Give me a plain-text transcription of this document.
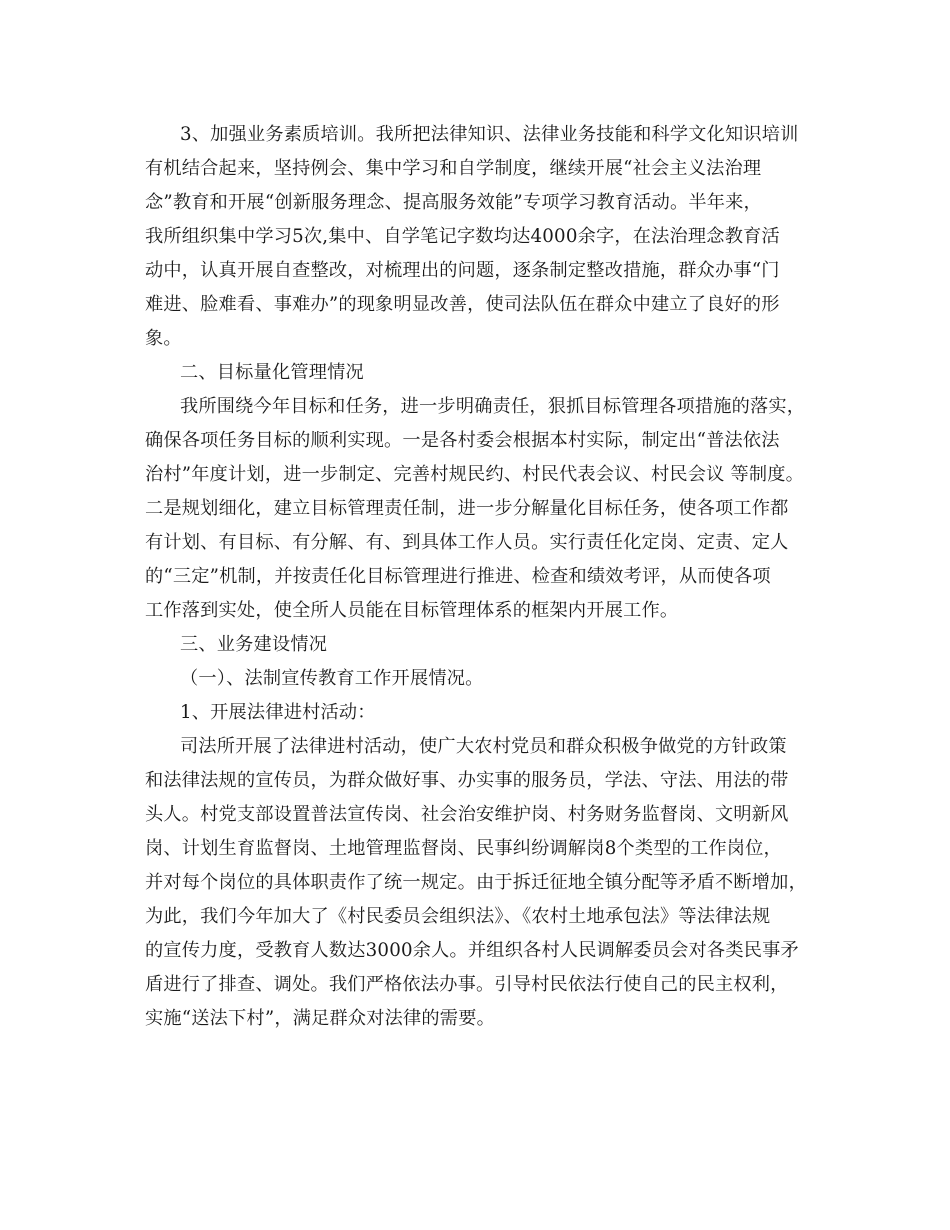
3、加强业务素质培训。我所把法律知识、法律业务技能和科学文化知识培训
有机结合起来，坚持例会、集中学习和自学制度，继续开展“社会主义法治理
念”教育和开展“创新服务理念、提高服务效能”专项学习教育活动。半年来，
我所组织集中学习5次,集中、自学笔记字数均达4000余字，在法治理念教育活
动中，认真开展自查整改，对梳理出的问题，逐条制定整改措施，群众办事“门
难进、脸难看、事难办”的现象明显改善，使司法队伍在群众中建立了良好的形
象。
二、目标量化管理情况
我所围绕今年目标和任务，进一步明确责任，狠抓目标管理各项措施的落实，
确保各项任务目标的顺利实现。一是各村委会根据本村实际，制定出“普法依法
治村”年度计划，进一步制定、完善村规民约、村民代表会议、村民会议 等制度。
二是规划细化，建立目标管理责任制，进一步分解量化目标任务，使各项工作都
有计划、有目标、有分解、有、到具体工作人员。实行责任化定岗、定责、定人
的“三定”机制，并按责任化目标管理进行推进、检查和绩效考评，从而使各项
工作落到实处，使全所人员能在目标管理体系的框架内开展工作。
三、业务建设情况
（一）、法制宣传教育工作开展情况。
1、开展法律进村活动：
司法所开展了法律进村活动，使广大农村党员和群众积极争做党的方针政策
和法律法规的宣传员，为群众做好事、办实事的服务员，学法、守法、用法的带
头人。村党支部设置普法宣传岗、社会治安维护岗、村务财务监督岗、文明新风
岗、计划生育监督岗、土地管理监督岗、民事纠纷调解岗8个类型的工作岗位，
并对每个岗位的具体职责作了统一规定。由于拆迁征地全镇分配等矛盾不断增加，
为此，我们今年加大了《村民委员会组织法》、《农村土地承包法》等法律法规
的宣传力度，受教育人数达3000余人。并组织各村人民调解委员会对各类民事矛
盾进行了排查、调处。我们严格依法办事。引导村民依法行使自己的民主权利，
实施“送法下村”，满足群众对法律的需要。
